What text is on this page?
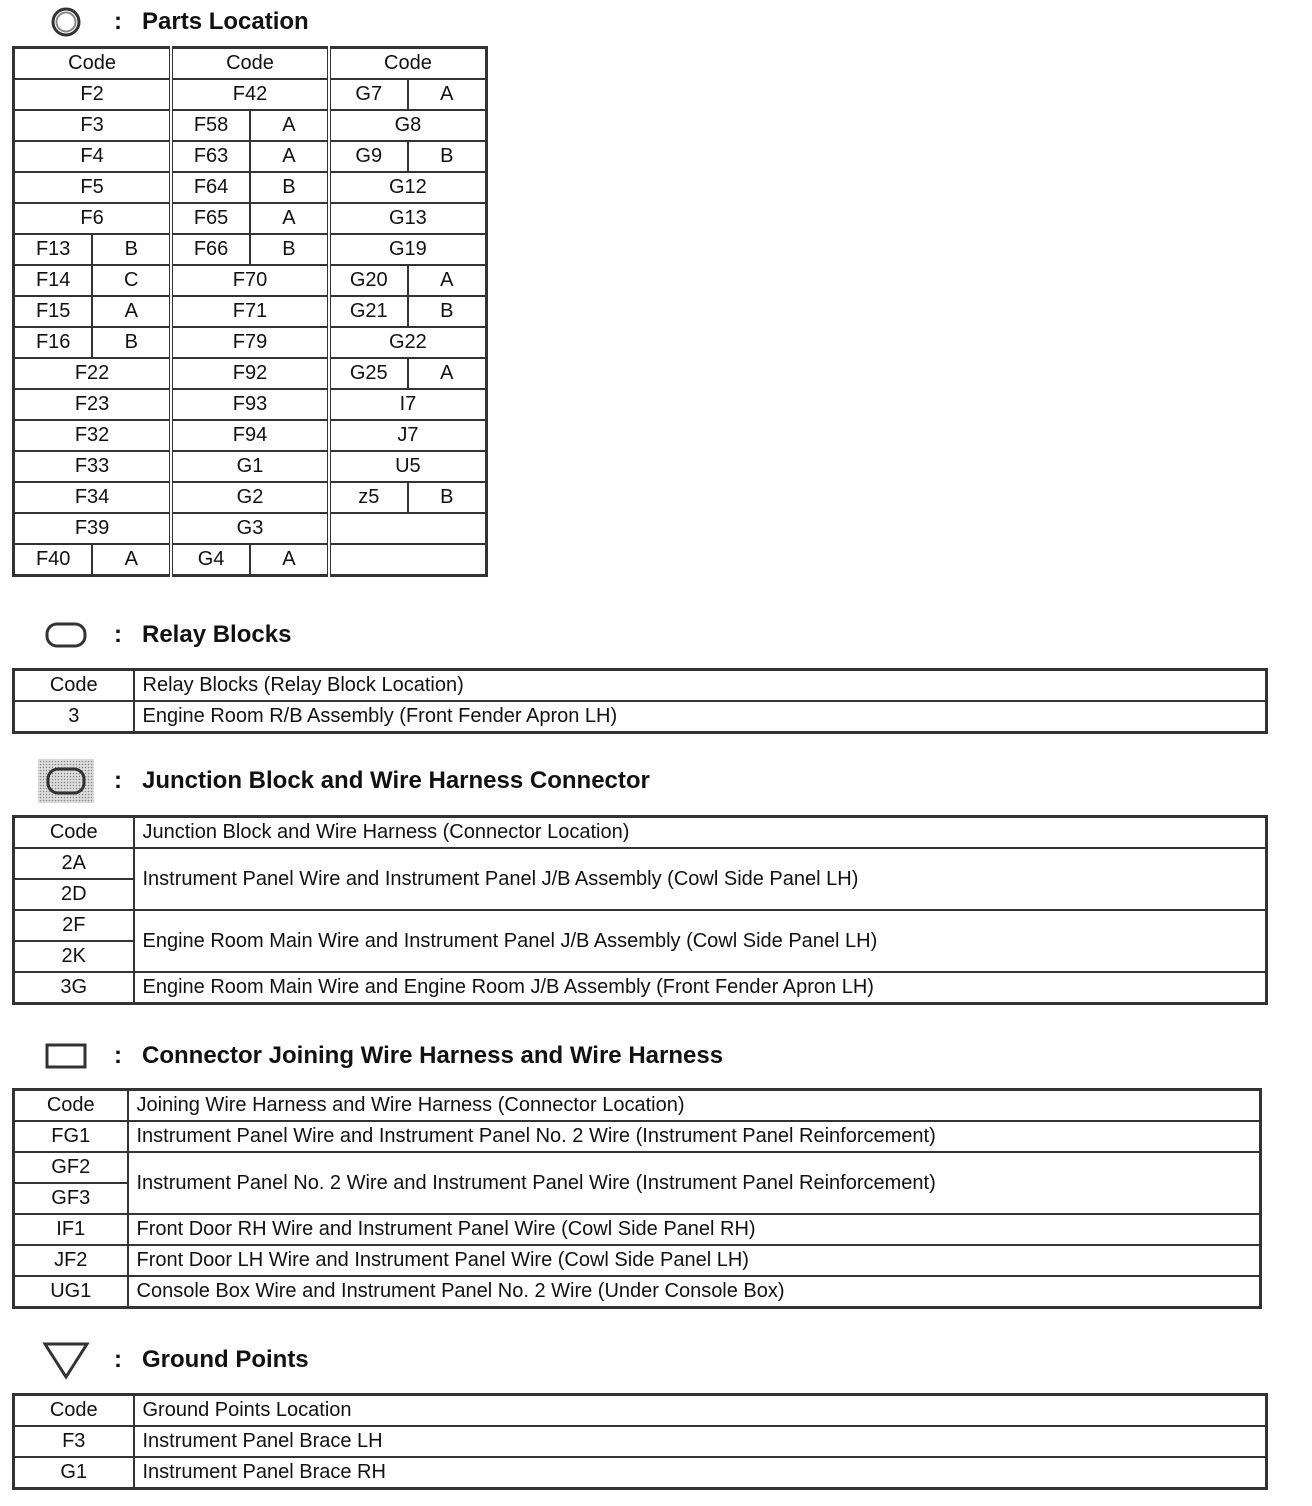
: Parts Location
Code		Code		Code	
F2		F42		G7	A
F3		F58	A	G8	
F4		F63	A	G9	B
F5		F64	B	G12	
F6		F65	A	G13	
F13	B	F66	B	G19	
F14	C	F70		G20	A
F15	A	F71		G21	B
F16	B	F79		G22	
F22		F92		G25	A
F23		F93		I7	
F32		F94		J7	
F33		G1		U5	
F34		G2		z5	B
F39		G3			
F40	A	G4	A		
: Relay Blocks
Code	Relay Blocks (Relay Block Location)
3	Engine Room R/B Assembly (Front Fender Apron LH)
: Junction Block and Wire Harness Connector
Code	Junction Block and Wire Harness (Connector Location)
2A	Instrument Panel Wire and Instrument Panel J/B Assembly (Cowl Side Panel LH)
2D	
2F	Engine Room Main Wire and Instrument Panel J/B Assembly (Cowl Side Panel LH)
2K	
3G	Engine Room Main Wire and Engine Room J/B Assembly (Front Fender Apron LH)
: Connector Joining Wire Harness and Wire Harness
Code	Joining Wire Harness and Wire Harness (Connector Location)
FG1	Instrument Panel Wire and Instrument Panel No. 2 Wire (Instrument Panel Reinforcement)
GF2	Instrument Panel No. 2 Wire and Instrument Panel Wire (Instrument Panel Reinforcement)
GF3	
IF1	Front Door RH Wire and Instrument Panel Wire (Cowl Side Panel RH)
JF2	Front Door LH Wire and Instrument Panel Wire (Cowl Side Panel LH)
UG1	Console Box Wire and Instrument Panel No. 2 Wire (Under Console Box)
: Ground Points
Code	Ground Points Location
F3	Instrument Panel Brace LH
G1	Instrument Panel Brace RH
